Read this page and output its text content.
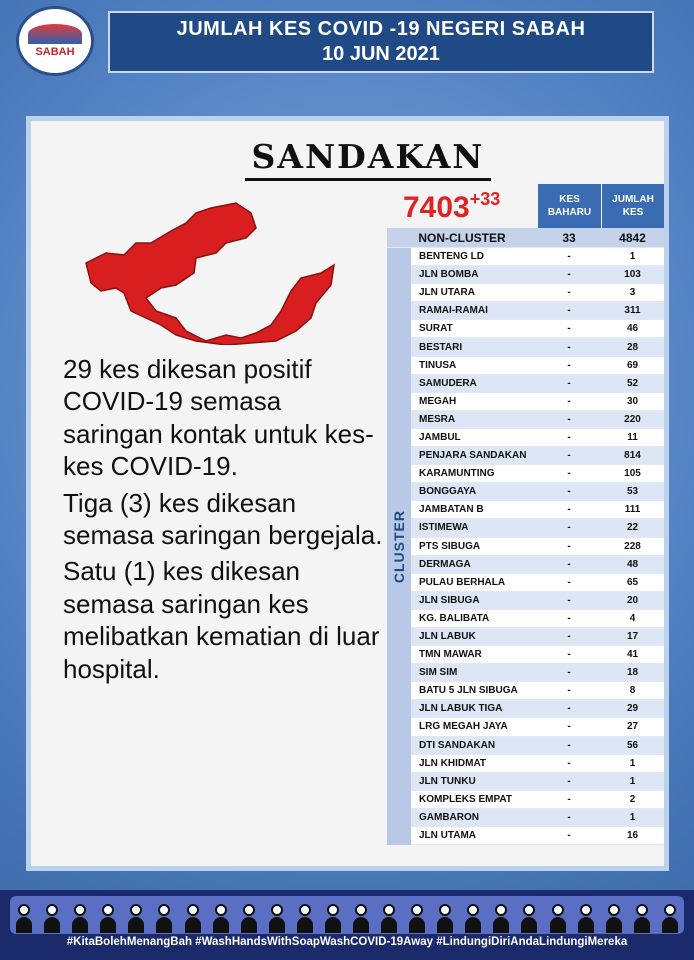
SABAH
JUMLAH KES COVID -19 NEGERI SABAH
10 JUN 2021
SANDAKAN
$7403^{+33}$

29 kes dikesan positif COVID-19 semasa saringan kontak untuk kes-kes COVID-19.

Tiga (3) kes dikesan semasa saringan bergejala.

Satu (1) kes dikesan semasa saringan kes melibatkan kematian di luar hospital.

KES BAHARU
JUMLAH KES
NON-CLUSTER	33	4842
CLUSTER
BENTENG LD	-	1
JLN BOMBA	-	103
JLN UTARA	-	3
RAMAI-RAMAI	-	311
SURAT	-	46
BESTARI	-	28
TINUSA	-	69
SAMUDERA	-	52
MEGAH	-	30
MESRA	-	220
JAMBUL	-	11
PENJARA SANDAKAN	-	814
KARAMUNTING	-	105
BONGGAYA	-	53
JAMBATAN B	-	111
ISTIMEWA	-	22
PTS SIBUGA	-	228
DERMAGA	-	48
PULAU BERHALA	-	65
JLN SIBUGA	-	20
KG. BALIBATA	-	4
JLN LABUK	-	17
TMN MAWAR	-	41
SIM SIM	-	18
BATU 5 JLN SIBUGA	-	8
JLN LABUK TIGA	-	29
LRG MEGAH JAYA	-	27
DTI SANDAKAN	-	56
JLN KHIDMAT	-	1
JLN TUNKU	-	1
KOMPLEKS EMPAT	-	2
GAMBARON	-	1
JLN UTAMA	-	16
#KitaBolehMenangBah #WashHandsWithSoapWashCOVID-19Away #LindungiDiriAndaLindungiMereka
